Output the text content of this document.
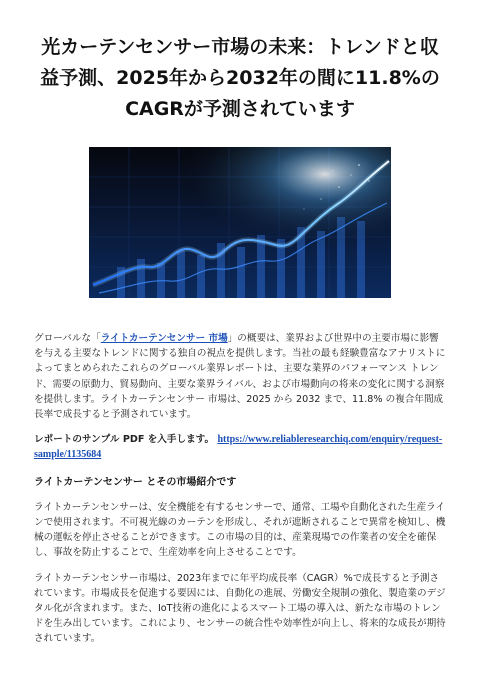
光カーテンセンサー市場の未来：トレンドと収
益予測、2025年から2032年の間に11.8%の
CAGRが予測されています

グローバルな「ライトカーテンセンサー 市場」の概要は、業界および世界中の主要市場に影響を与える主要なトレンドに関する独自の視点を提供します。当社の最も経験豊富なアナリストによってまとめられたこれらのグローバル業界レポートは、主要な業界のパフォーマンス トレンド、需要の原動力、貿易動向、主要な業界ライバル、および市場動向の将来の変化に関する洞察を提供します。ライトカーテンセンサー 市場は、2025 から 2032 まで、11.8% の複合年間成長率で成長すると予測されています。

レポートのサンプル PDF を入手します。 https://www.reliableresearchiq.com/enquiry/request-sample/1135684

ライトカーテンセンサー とその市場紹介です

ライトカーテンセンサーは、安全機能を有するセンサーで、通常、工場や自動化された生産ラインで使用されます。不可視光線のカーテンを形成し、それが遮断されることで異常を検知し、機械の運転を停止させることができます。この市場の目的は、産業現場での作業者の安全を確保し、事故を防止することで、生産効率を向上させることです。

ライトカーテンセンサー市場は、2023年までに年平均成長率（CAGR）%で成長すると予測されています。市場成長を促進する要因には、自動化の進展、労働安全規制の強化、製造業のデジタル化が含まれます。また、IoT技術の進化によるスマート工場の導入は、新たな市場のトレンドを生み出しています。これにより、センサーの統合性や効率性が向上し、将来的な成長が期待されています。
